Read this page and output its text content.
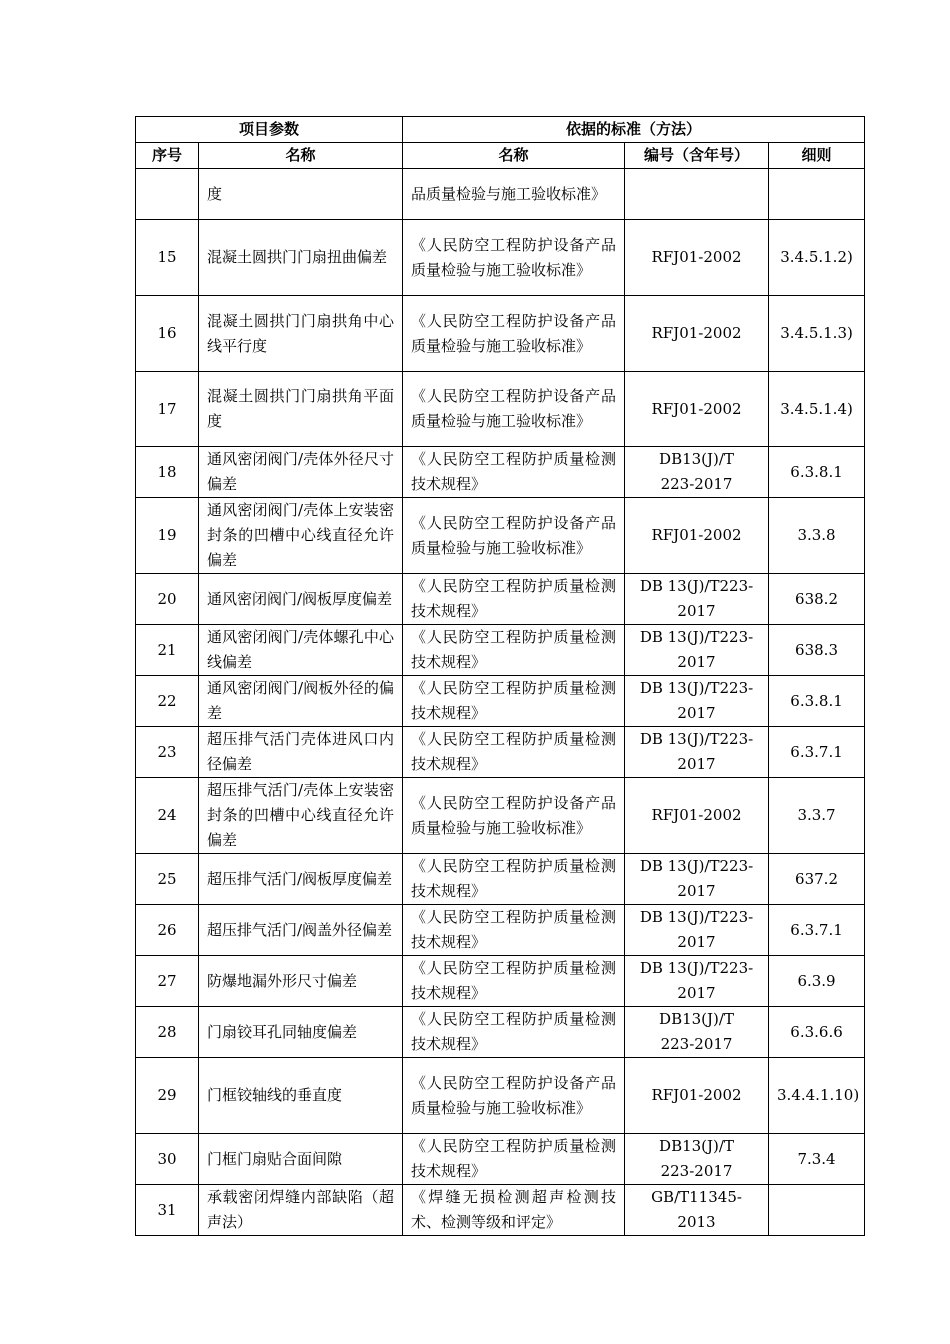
项目参数		依据的标准（方法）		
序号	名称	名称	编号（含年号）	细则
	度	品质量检验与施工验收标准》		
15	混凝土圆拱门门扇扭曲偏差	《人民防空工程防护设备产品质量检验与施工验收标准》	RFJ01-2002	3.4.5.1.2)
16	混凝土圆拱门门扇拱角中心线平行度	《人民防空工程防护设备产品质量检验与施工验收标准》	RFJ01-2002	3.4.5.1.3)
17	混凝土圆拱门门扇拱角平面度	《人民防空工程防护设备产品质量检验与施工验收标准》	RFJ01-2002	3.4.5.1.4)
18	通风密闭阀门/壳体外径尺寸偏差	《人民防空工程防护质量检测技术规程》	DB13(J)/T 223-2017	6.3.8.1
19	通风密闭阀门/壳体上安装密封条的凹槽中心线直径允许偏差	《人民防空工程防护设备产品质量检验与施工验收标准》	RFJ01-2002	3.3.8
20	通风密闭阀门/阀板厚度偏差	《人民防空工程防护质量检测技术规程》	DB 13(J)/T223-2017	638.2
21	通风密闭阀门/壳体螺孔中心线偏差	《人民防空工程防护质量检测技术规程》	DB 13(J)/T223-2017	638.3
22	通风密闭阀门/阀板外径的偏差	《人民防空工程防护质量检测技术规程》	DB 13(J)/T223-2017	6.3.8.1
23	超压排气活门壳体进风口内径偏差	《人民防空工程防护质量检测技术规程》	DB 13(J)/T223-2017	6.3.7.1
24	超压排气活门/壳体上安装密封条的凹槽中心线直径允许偏差	《人民防空工程防护设备产品质量检验与施工验收标准》	RFJ01-2002	3.3.7
25	超压排气活门/阀板厚度偏差	《人民防空工程防护质量检测技术规程》	DB 13(J)/T223-2017	637.2
26	超压排气活门/阀盖外径偏差	《人民防空工程防护质量检测技术规程》	DB 13(J)/T223-2017	6.3.7.1
27	防爆地漏外形尺寸偏差	《人民防空工程防护质量检测技术规程》	DB 13(J)/T223-2017	6.3.9
28	门扇铰耳孔同轴度偏差	《人民防空工程防护质量检测技术规程》	DB13(J)/T 223-2017	6.3.6.6
29	门框铰轴线的垂直度	《人民防空工程防护设备产品质量检验与施工验收标准》	RFJ01-2002	3.4.4.1.10)
30	门框门扇贴合面间隙	《人民防空工程防护质量检测技术规程》	DB13(J)/T 223-2017	7.3.4
31	承载密闭焊缝内部缺陷（超声法）	《焊缝无损检测超声检测技术、检测等级和评定》	GB/T11345-2013	
